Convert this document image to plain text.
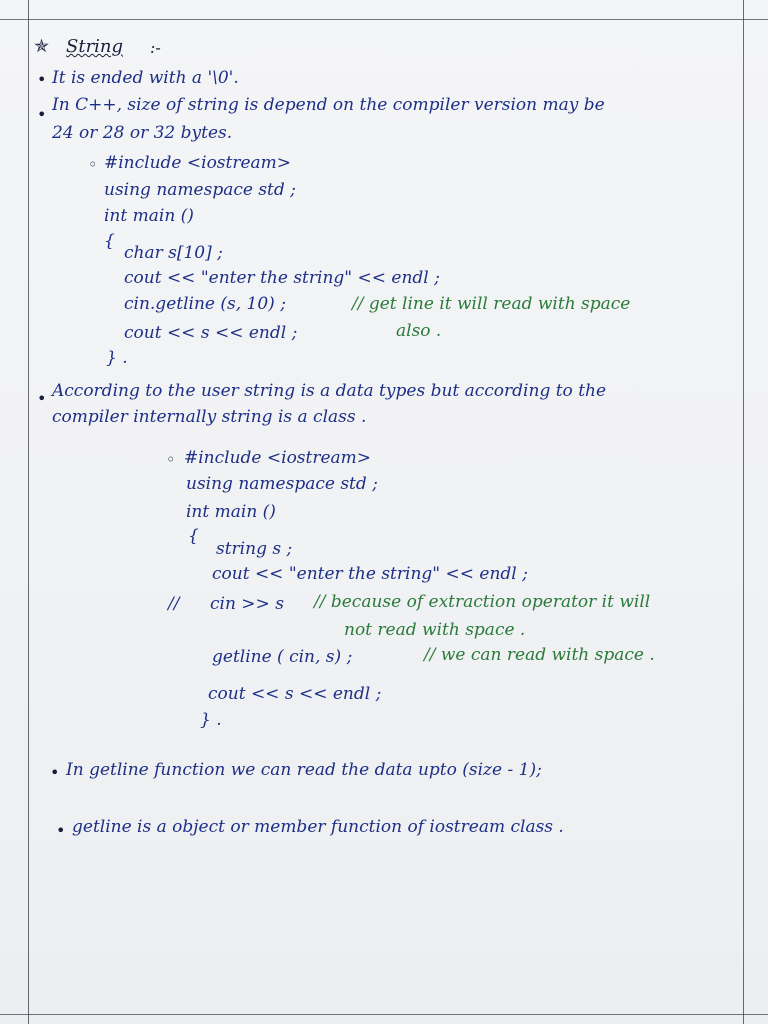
✯ String :-
• It is ended with a '\0'.
• In C++, size of string is depend on the compiler version may be
24 or 28 or 32 bytes.
◦ #include <iostream>
using namespace std ;
int main ()
{
char s[10] ;
cout << "enter the string" << endl ;
cin.getline (s, 10) ;	// get line it will read with space
also .
cout << s << endl ;
} .
• According to the user string is a data types but according to the
compiler internally string is a class .
◦ #include <iostream>
using namespace std ;
int main ()
{
string s ;
cout << "enter the string" << endl ;
// cin >> s // because of extraction operator it will
not read with space .
getline ( cin, s) ;	// we can read with space .
cout << s << endl ;
} .
• In getline function we can read the data upto (size - 1);
• getline is a object or member function of iostream class .
